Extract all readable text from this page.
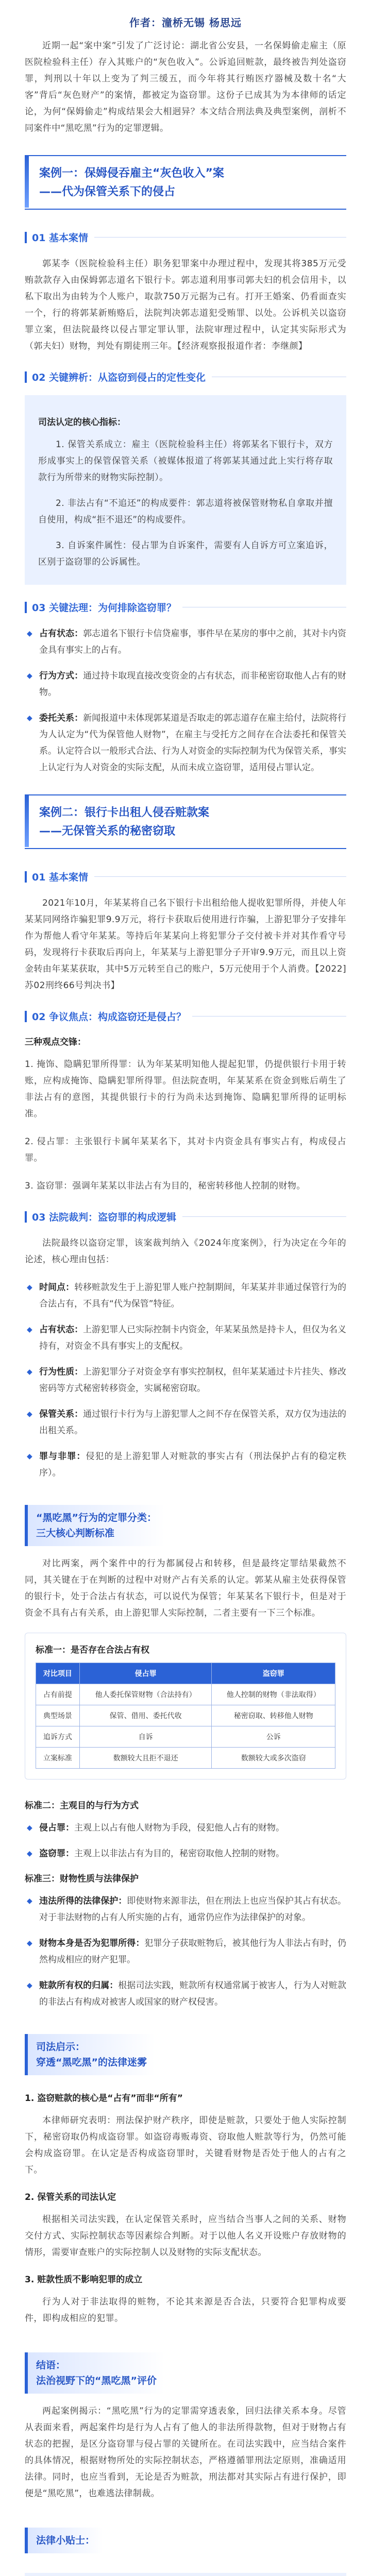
作者：潼桥无锡 杨思远

近期一起“案中案”引发了广泛讨论：湖北省公安县，一名保姆偷走雇主（原医院检验科主任）存入其账户的“灰色收入”。公诉追回赃款，最终被告判处盗窃罪，判刑以十年以上变为了判三缓五，而今年将其行贿医疗器械及数十名“大客”背后“灰色财产”的案情，都被定为盗窃罪。这份子已成其为为本律师的话定论，为何“保姆偷走”构成结果会大相迥异？本文结合刑法典及典型案例，剖析不同案件中“黑吃黑”行为的定罪逻辑。

案例一：保姆侵吞雇主“灰色收入”案
——代为保管关系下的侵占
01 基本案情

郭某李（医院检验科主任）职务犯罪案中办理过程中，发现其将385万元受贿款款存入由保姆郭志道名下银行卡。郭志道利用事司郭夫妇的机会信用卡，以私下取出为由转为个人账户，取款750万元据为己有。打开王婚案、仍看面查实一个，行的将郭某新贿赂后，法院判决郭志道犯受贿罪、以处。公诉机关以盗窃罪立案，但法院最终以侵占罪定罪认罪，法院审理过程中，认定其实际形式为（郭夫妇）财物，判处有期徒刑三年。【经济观察报报道作者：李继颜】

02 关键辨析：从盗窃到侵占的定性变化
司法认定的核心指标：

1. 保管关系成立：雇主（医院检验科主任）将郭某名下银行卡，双方形成事实上的保管保管关系（被媒体报道了将郭某其通过此上实行将存取款行为所带来的财物实际控制）。

2. 非法占有“不追还”的构成要件：郭志道将被保管财物私自拿取并擅自使用，构成“拒不退还”的构成要件。

3. 自诉案件属性：侵占罪为自诉案件，需要有人自诉方可立案追诉，区别于盗窃罪的公诉属性。

03 关键法理：为何排除盗窃罪？
◆ 占有状态：郭志道名下银行卡信贷雇事，事件早在某房的事中之前，其对卡内资金具有事实上的占有。
◆ 行为方式：通过持卡取现直接改变资金的占有状态，而非秘密窃取他人占有的财物。
◆ 委托关系：新闻报道中未体现郭某道是否取走的郭志道存在雇主给付，法院将行为人认定为“代为保管他人财物”，在雇主与受托方之间存在合法委托和保管关系。认定符合以一般形式合法、行为人对资金的实际控制为代为保管关系，事实上认定行为人对资金的实际支配，从而未成立盗窃罪，适用侵占罪认定。
案例二：银行卡出租人侵吞赃款案
——无保管关系的秘密窃取
01 基本案情

2021年10月，年某某将自己名下银行卡出租给他人提收犯罪所得，并使人年某某同网络诈骗犯罪9.9万元，将行卡获取后使用进行诈骗，上游犯罪分子安排年作为帮他人看守年某某。等持后年某某向上将犯罪分子交付被卡并对其作看守号码，发现将行卡获取后再向上，年某某与上游犯罪分子开审9.9万元，而且以上资金转由年某某获取，其中5万元转至自己的账户，5万元使用于个人消费。【2022]苏02刑终66号判决书】

02 争议焦点：构成盗窃还是侵占？
三种观点交锋：

1. 掩饰、隐瞒犯罪所得罪：认为年某某明知他人提起犯罪，仍提供银行卡用于转账，应构成掩饰、隐瞒犯罪所得罪。但法院查明，年某某系在资金到账后萌生了非法占有的意图，其提供银行卡的行为尚未达到掩饰、隐瞒犯罪所得的证明标准。

2. 侵占罪：主张银行卡属年某某名下，其对卡内资金具有事实占有，构成侵占罪。

3. 盗窃罪：强调年某某以非法占有为目的，秘密转移他人控制的财物。

03 法院裁判：盗窃罪的构成逻辑

法院最终以盗窃定罪，该案裁判纳入《2024年度案例》，行为决定在今年的论述，核心理由包括：

◆ 时间点：转移赃款发生于上游犯罪人账户控制期间，年某某并非通过保管行为的合法占有，不具有“代为保管”特征。
◆ 占有状态：上游犯罪人已实际控制卡内资金，年某某虽然是持卡人，但仅为名义持有，对资金不具有事实上的支配权。
◆ 行为性质：上游犯罪分子对资金享有事实控制权，但年某某通过卡片挂失、修改密码等方式秘密转移资金，实属秘密窃取。
◆ 保管关系：通过银行卡行为与上游犯罪人之间不存在保管关系，双方仅为违法的出租关系。
◆ 罪与非罪：侵犯的是上游犯罪人对赃款的事实占有（刑法保护占有的稳定秩序）。
“黑吃黑”行为的定罪分类：
三大核心判断标准

对比两案，两个案件中的行为都属侵占和转移，但是最终定罪结果截然不同，其关键在于在判断的过程中对财产占有关系的认定。郭某从雇主处获得保管的银行卡，处于合法占有状态，可以说代为保管；年某某名下银行卡，但是对于资金不具有占有关系，由上游犯罪人实际控制，二者主要有一下三个标准。

标准一：是否存在合法占有权
对比项目	侵占罪	盗窃罪
占有前提	他人委托保管财物（合法持有）	他人控制的财物（非法取得）
典型场景	保管、借用、委托代收	秘密窃取、转移他人财物
追诉方式	自诉	公诉
立案标准	数额较大且拒不退还	数额较大或多次盗窃
标准二：主观目的与行为方式
◆ 侵占罪：主观上以占有他人财物为手段，侵犯他人占有的财物。
◆ 盗窃罪：主观上以非法占有为目的，秘密窃取他人控制的财物。
标准三：财物性质与法律保护
◆ 违法所得的法律保护：即使财物来源非法，但在刑法上也应当保护其占有状态。对于非法财物的占有人所实施的占有，通常仍应作为法律保护的对象。
◆ 财物本身是否为犯罪所得：犯罪分子获取赃物后，被其他行为人非法占有时，仍然构成相应的财产犯罪。
◆ 赃款所有权的归属：根据司法实践，赃款所有权通常属于被害人，行为人对赃款的非法占有构成对被害人或国家的财产权侵害。
司法启示：
穿透“黑吃黑”的法律迷雾
1. 盗窃赃款的核心是“占有”而非“所有”

本律师研究表明：刑法保护财产秩序，即使是赃款，只要处于他人实际控制下，秘密窃取仍构成盗窃罪。如盗窃毒贩毒资、窃取他人赃款等行为，仍然可能会构成盗窃罪。在认定是否构成盗窃罪时，关键看财物是否处于他人的占有之下。

2. 保管关系的司法认定

根据相关司法实践，在认定保管关系时，应当结合当事人之间的关系、财物交付方式、实际控制状态等因素综合判断。对于以他人名义开设账户存放财物的情形，需要审查账户的实际控制人以及财物的实际支配状态。

3. 赃款性质不影响犯罪的成立

行为人对于非法取得的赃物，不论其来源是否合法，只要符合犯罪构成要件，即构成相应的犯罪。

结语：
法治视野下的“黑吃黑”评价

两起案例揭示：“黑吃黑”行为的定罪需穿透表象，回归法律关系本身。尽管从表面来看，两起案件均是行为人占有了他人的非法所得款物，但对于财物占有状态的把握，是区分盗窃罪与侵占罪的关键所在。在司法实践中，应当结合案件的具体情况，根据财物所处的实际控制状态，严格遵循罪刑法定原则，准确适用法律。同时，也应当看到，无论是否为赃款，刑法都对其实际占有进行保护，即便是“黑吃黑”，也难逃法律制裁。

法律小贴士：
